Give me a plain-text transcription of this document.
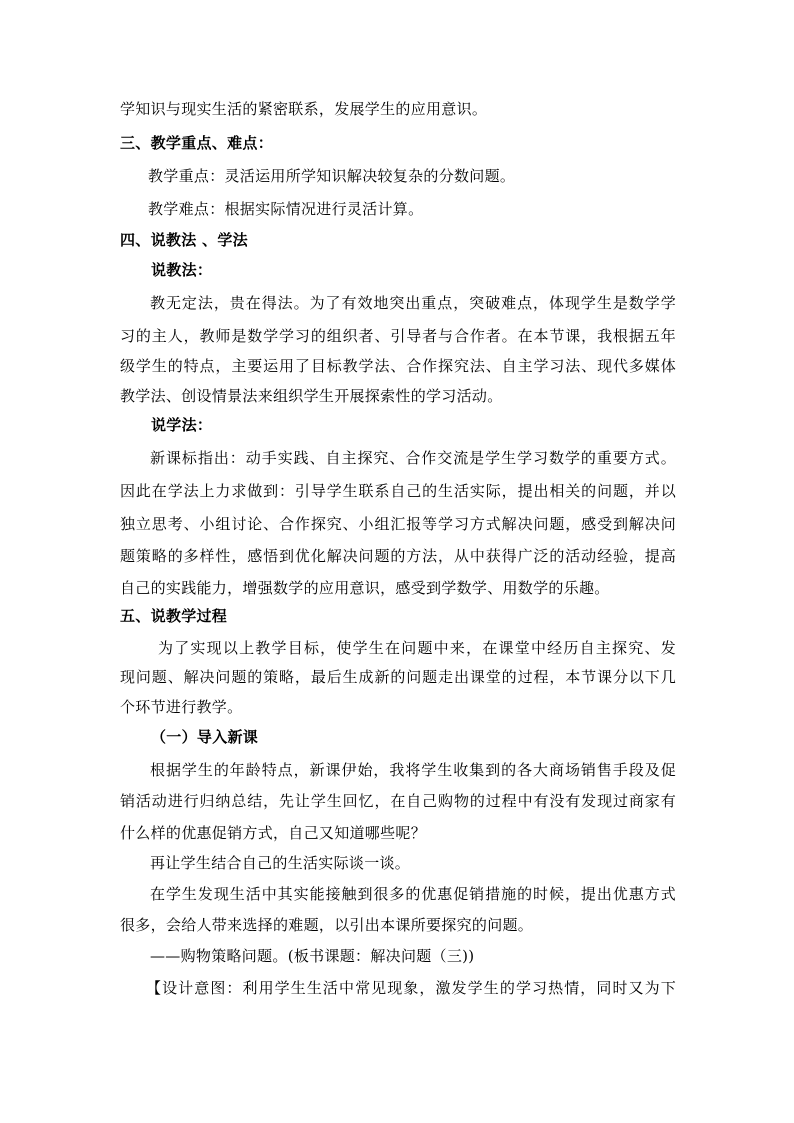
学知识与现实生活的紧密联系，发展学生的应用意识。
三、教学重点、难点：
教学重点：灵活运用所学知识解决较复杂的分数问题。
教学难点：根据实际情况进行灵活计算。
四、说教法 、学法
说教法：
教无定法，贵在得法。为了有效地突出重点，突破难点，体现学生是数学学
习的主人，教师是数学学习的组织者、引导者与合作者。在本节课，我根据五年
级学生的特点，主要运用了目标教学法、合作探究法、自主学习法、现代多媒体
教学法、创设情景法来组织学生开展探索性的学习活动。
说学法：
新课标指出：动手实践、自主探究、合作交流是学生学习数学的重要方式。
因此在学法上力求做到：引导学生联系自己的生活实际，提出相关的问题，并以
独立思考、小组讨论、合作探究、小组汇报等学习方式解决问题，感受到解决问
题策略的多样性，感悟到优化解决问题的方法，从中获得广泛的活动经验，提高
自己的实践能力，增强数学的应用意识，感受到学数学、用数学的乐趣。
五、说教学过程
为了实现以上教学目标，使学生在问题中来，在课堂中经历自主探究、发
现问题、解决问题的策略，最后生成新的问题走出课堂的过程，本节课分以下几
个环节进行教学。
（一）导入新课
根据学生的年龄特点，新课伊始，我将学生收集到的各大商场销售手段及促
销活动进行归纳总结，先让学生回忆，在自己购物的过程中有没有发现过商家有
什么样的优惠促销方式，自己又知道哪些呢？
再让学生结合自己的生活实际谈一谈。
在学生发现生活中其实能接触到很多的优惠促销措施的时候，提出优惠方式
很多，会给人带来选择的难题，以引出本课所要探究的问题。
——购物策略问题。(板书课题：解决问题（三))
【设计意图：利用学生生活中常见现象，激发学生的学习热情，同时又为下
